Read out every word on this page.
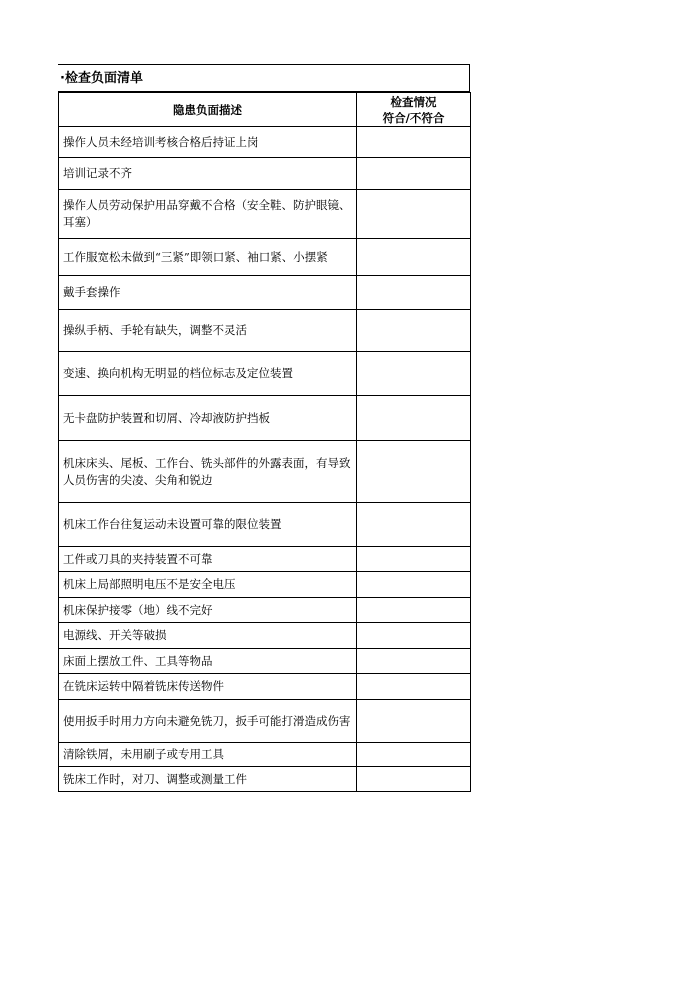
·检查负面清单
隐患负面描述	检查情况
符合/不符合

操作人员未经培训考核合格后持证上岗	
培训记录不齐	
操作人员劳动保护用品穿戴不合格（安全鞋、防护眼镜、耳塞）	
工作服宽松未做到“三紧”即领口紧、袖口紧、小摆紧	
戴手套操作	
操纵手柄、手轮有缺失，调整不灵活	
变速、换向机构无明显的档位标志及定位装置	
无卡盘防护装置和切屑、冷却液防护挡板	
机床床头、尾板、工作台、铣头部件的外露表面，有导致人员伤害的尖凌、尖角和锐边	
机床工作台往复运动未设置可靠的限位装置	
工件或刀具的夹持装置不可靠	
机床上局部照明电压不是安全电压	
机床保护接零（地）线不完好	
电源线、开关等破损	
床面上摆放工件、工具等物品	
在铣床运转中隔着铣床传送物件	
使用扳手时用力方向未避免铣刀，扳手可能打滑造成伤害	
清除铁屑，未用刷子或专用工具	
铣床工作时，对刀、调整或测量工件	
